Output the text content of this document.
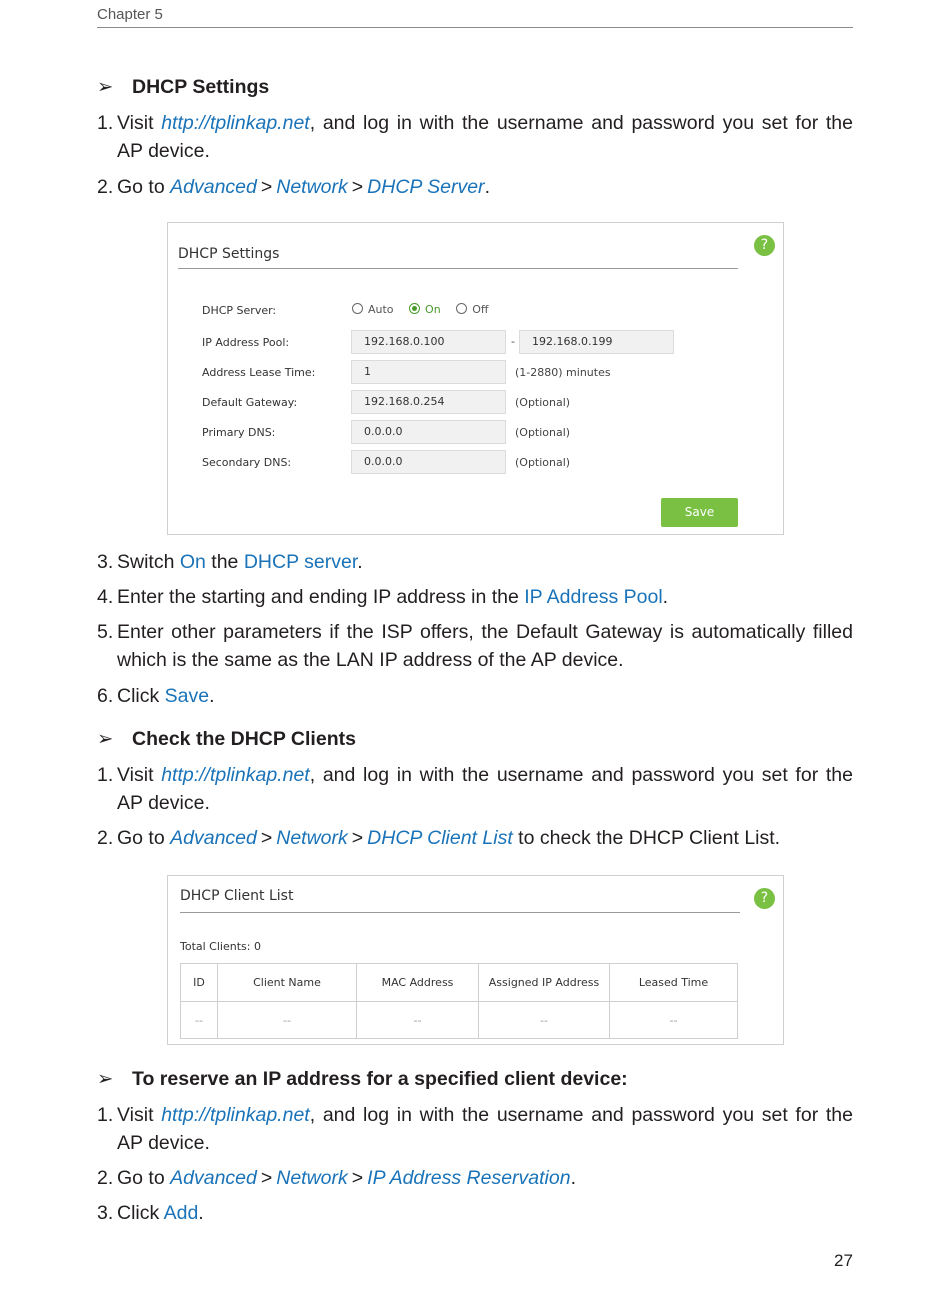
Chapter 5
➢ DHCP Settings
1. Visit http://tplinkap.net, and log in with the username and password you set for the AP device.
2. Go to Advanced > Network > DHCP Server.
DHCP Settings
?
DHCP Server:	Auto	On	Off
IP Address Pool:	192.168.0.100	-	192.168.0.199
Address Lease Time:	1	(1-2880) minutes
Default Gateway:	192.168.0.254	(Optional)
Primary DNS:	0.0.0.0	(Optional)
Secondary DNS:	0.0.0.0	(Optional)
Save
3. Switch On the DHCP server.
4. Enter the starting and ending IP address in the IP Address Pool.
5. Enter other parameters if the ISP offers, the Default Gateway is automatically filled which is the same as the LAN IP address of the AP device.
6. Click Save.
➢ Check the DHCP Clients
1. Visit http://tplinkap.net, and log in with the username and password you set for the AP device.
2. Go to Advanced > Network > DHCP Client List to check the DHCP Client List.
DHCP Client List	?
Total Clients: 0
ID	Client Name	MAC Address	Assigned IP Address	Leased Time
--	--	--	--	--
➢ To reserve an IP address for a specified client device:
1. Visit http://tplinkap.net, and log in with the username and password you set for the AP device.
2. Go to Advanced > Network > IP Address Reservation.
3. Click Add.
27
